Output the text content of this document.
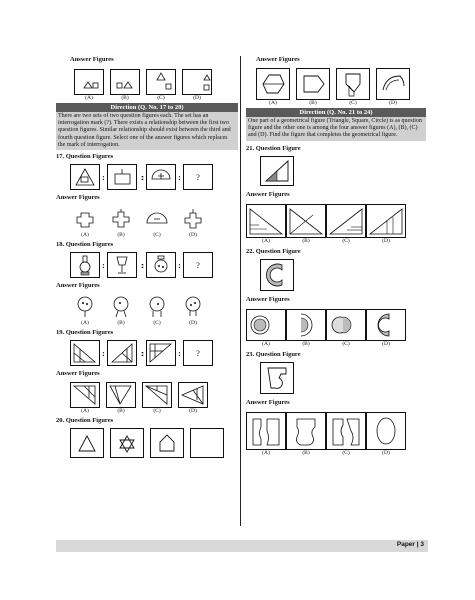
Answer Figures
(A)	(B)	(C)	(D)
Direction (Q. No. 17 to 20)
There are two sets of two question figures each. The set has an interrogation mark (?). There exists a relationship between the first two question figures. Similar relationship should exist between the third and fourth question figure. Select one of the answer figures which replaces the mark of interrogation.
17. Question Figures
:	::	: ?
Answer Figures
(A)	(B)	(C)	(D)
18. Question Figures
:	::	: ?
Answer Figures
(A)	(B)	(C)	(D)
19. Question Figures
:	::	: ?
Answer Figures
(A)	(B)	(C)	(D)
20. Question Figures
Answer Figures
(A)	(B)	(C)	(D)
Direction (Q. No. 21 to 24)
One part of a geometrical figure (Triangle, Square, Circle) is as question figure and the other one is among the four answer figures (A), (B), (C) and (D). Find the figure that completes the geometrical figure.
21. Question Figure
Answer Figures
(A)	(B)	(C)	(D)
22. Question Figure
Answer Figures
(A)	(B)	(C)	(D)
23. Question Figure
Answer Figures
(A)	(B)	(C)	(D)
Paper | 3
